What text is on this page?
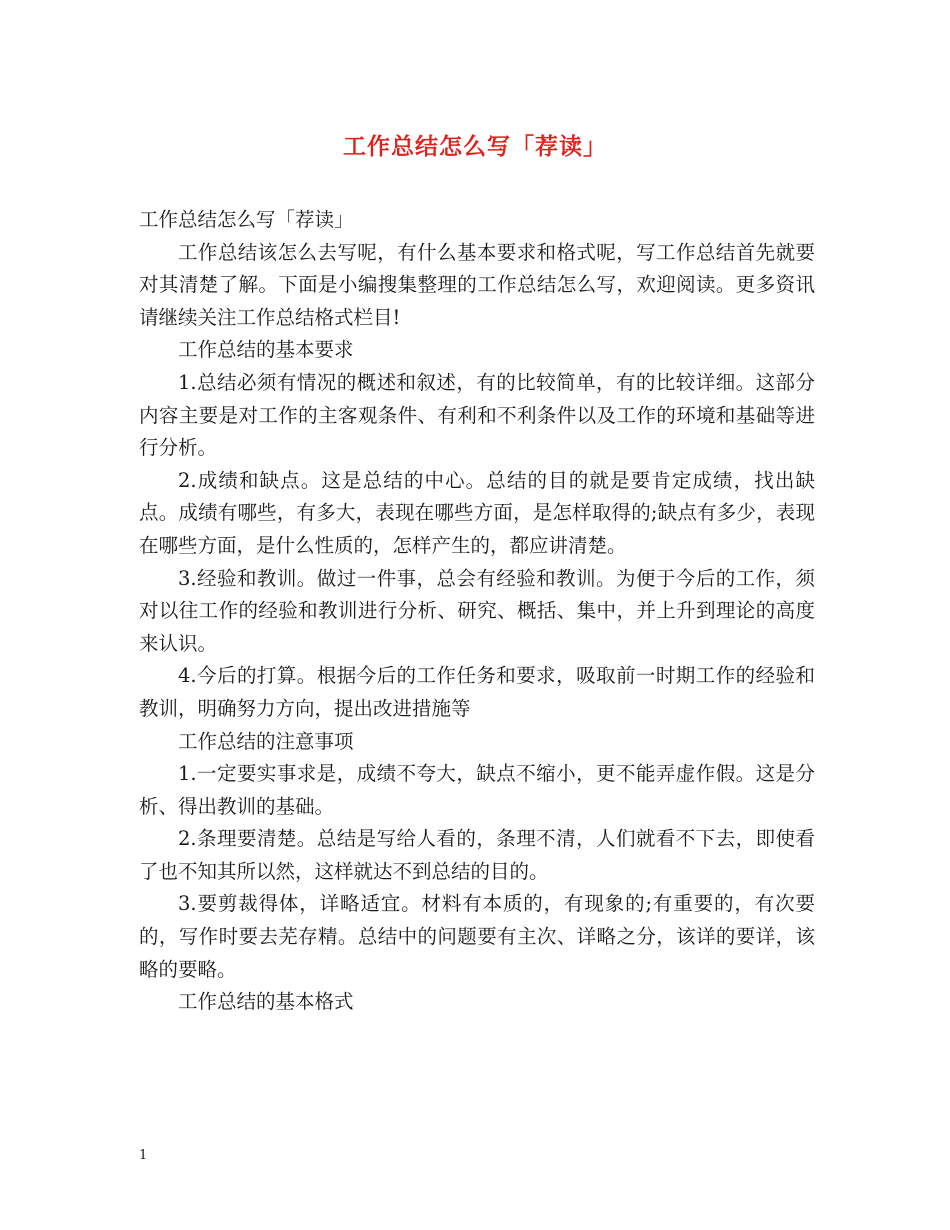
工作总结怎么写「荐读」

工作总结怎么写「荐读」

工作总结该怎么去写呢，有什么基本要求和格式呢，写工作总结首先就要对其清楚了解。下面是小编搜集整理的工作总结怎么写，欢迎阅读。更多资讯请继续关注工作总结格式栏目!

工作总结的基本要求

1.总结必须有情况的概述和叙述，有的比较简单，有的比较详细。这部分内容主要是对工作的主客观条件、有利和不利条件以及工作的环境和基础等进行分析。

2.成绩和缺点。这是总结的中心。总结的目的就是要肯定成绩，找出缺点。成绩有哪些，有多大，表现在哪些方面，是怎样取得的;缺点有多少，表现在哪些方面，是什么性质的，怎样产生的，都应讲清楚。

3.经验和教训。做过一件事，总会有经验和教训。为便于今后的工作，须对以往工作的经验和教训进行分析、研究、概括、集中，并上升到理论的高度来认识。

4.今后的打算。根据今后的工作任务和要求，吸取前一时期工作的经验和教训，明确努力方向，提出改进措施等

工作总结的注意事项

1.一定要实事求是，成绩不夸大，缺点不缩小，更不能弄虚作假。这是分析、得出教训的基础。

2.条理要清楚。总结是写给人看的，条理不清，人们就看不下去，即使看了也不知其所以然，这样就达不到总结的目的。

3.要剪裁得体，详略适宜。材料有本质的，有现象的;有重要的，有次要的，写作时要去芜存精。总结中的问题要有主次、详略之分，该详的要详，该略的要略。

工作总结的基本格式

1
